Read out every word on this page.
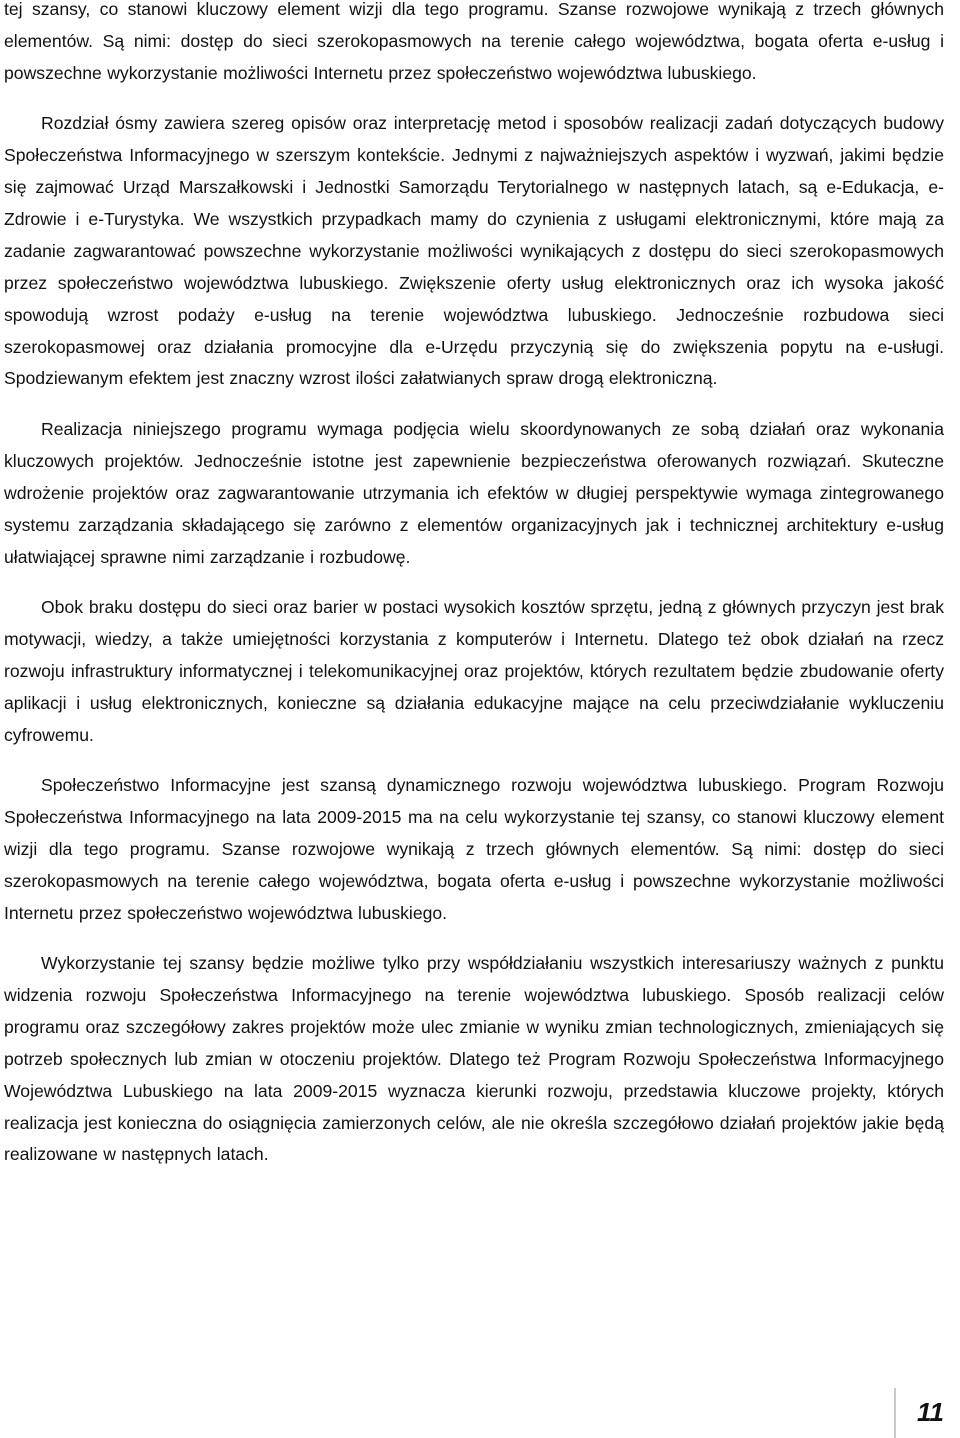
tej szansy, co stanowi kluczowy element wizji dla tego programu. Szanse rozwojowe wynikają z trzech głównych elementów. Są nimi: dostęp do sieci szerokopasmowych na terenie całego województwa, bogata oferta e-usług i powszechne wykorzystanie możliwości Internetu przez społeczeństwo województwa lubuskiego.

Rozdział ósmy zawiera szereg opisów oraz interpretację metod i sposobów realizacji zadań dotyczących budowy Społeczeństwa Informacyjnego w szerszym kontekście. Jednymi z najważniejszych aspektów i wyzwań, jakimi będzie się zajmować Urząd Marszałkowski i Jednostki Samorządu Terytorialnego w następnych latach, są e-Edukacja, e-Zdrowie i e-Turystyka. We wszystkich przypadkach mamy do czynienia z usługami elektronicznymi, które mają za zadanie zagwarantować powszechne wykorzystanie możliwości wynikających z dostępu do sieci szerokopasmowych przez społeczeństwo województwa lubuskiego. Zwiększenie oferty usług elektronicznych oraz ich wysoka jakość spowodują wzrost podaży e-usług na terenie województwa lubuskiego. Jednocześnie rozbudowa sieci szerokopasmowej oraz działania promocyjne dla e-Urzędu przyczynią się do zwiększenia popytu na e-usługi. Spodziewanym efektem jest znaczny wzrost ilości załatwianych spraw drogą elektroniczną.

Realizacja niniejszego programu wymaga podjęcia wielu skoordynowanych ze sobą działań oraz wykonania kluczowych projektów. Jednocześnie istotne jest zapewnienie bezpieczeństwa oferowanych rozwiązań. Skuteczne wdrożenie projektów oraz zagwarantowanie utrzymania ich efektów w długiej perspektywie wymaga zintegrowanego systemu zarządzania składającego się zarówno z elementów organizacyjnych jak i technicznej architektury e-usług ułatwiającej sprawne nimi zarządzanie i rozbudowę.

Obok braku dostępu do sieci oraz barier w postaci wysokich kosztów sprzętu, jedną z głównych przyczyn jest brak motywacji, wiedzy, a także umiejętności korzystania z komputerów i Internetu. Dlatego też obok działań na rzecz rozwoju infrastruktury informatycznej i telekomunikacyjnej oraz projektów, których rezultatem będzie zbudowanie oferty aplikacji i usług elektronicznych, konieczne są działania edukacyjne mające na celu przeciwdziałanie wykluczeniu cyfrowemu.

Społeczeństwo Informacyjne jest szansą dynamicznego rozwoju województwa lubuskiego. Program Rozwoju Społeczeństwa Informacyjnego na lata 2009-2015 ma na celu wykorzystanie tej szansy, co stanowi kluczowy element wizji dla tego programu. Szanse rozwojowe wynikają z trzech głównych elementów. Są nimi: dostęp do sieci szerokopasmowych na terenie całego województwa, bogata oferta e-usług i powszechne wykorzystanie możliwości Internetu przez społeczeństwo województwa lubuskiego.

Wykorzystanie tej szansy będzie możliwe tylko przy współdziałaniu wszystkich interesariuszy ważnych z punktu widzenia rozwoju Społeczeństwa Informacyjnego na terenie województwa lubuskiego. Sposób realizacji celów programu oraz szczegółowy zakres projektów może ulec zmianie w wyniku zmian technologicznych, zmieniających się potrzeb społecznych lub zmian w otoczeniu projektów. Dlatego też Program Rozwoju Społeczeństwa Informacyjnego Województwa Lubuskiego na lata 2009-2015 wyznacza kierunki rozwoju, przedstawia kluczowe projekty, których realizacja jest konieczna do osiągnięcia zamierzonych celów, ale nie określa szczegółowo działań projektów jakie będą realizowane w następnych latach.

11
